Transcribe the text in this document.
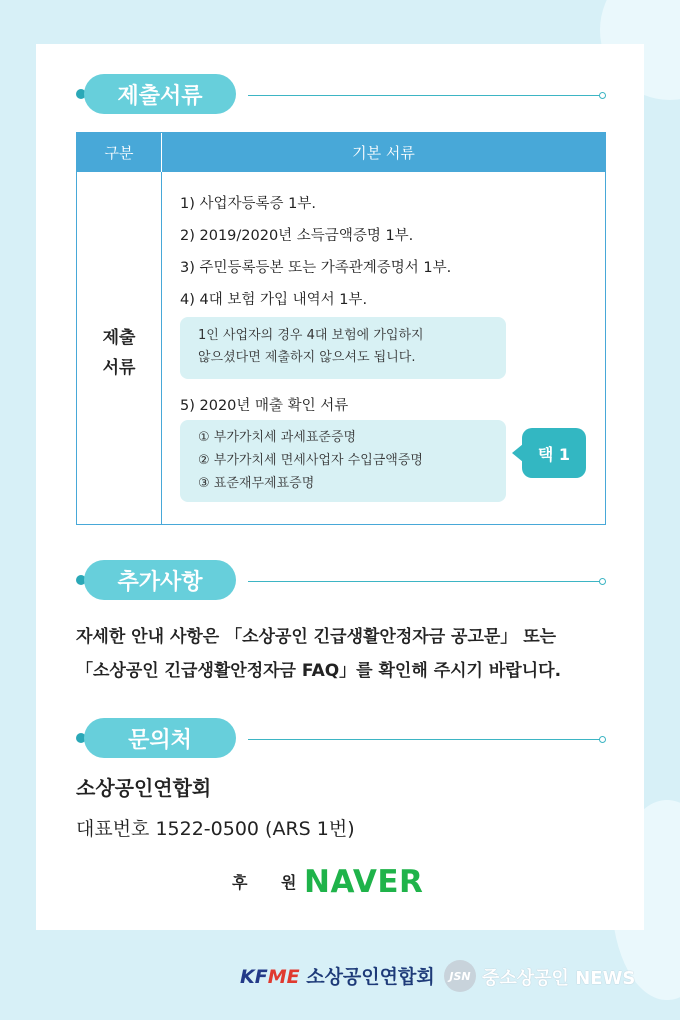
제출서류
구분	기본 서류
제출
서류
1) 사업자등록증 1부.
2) 2019/2020년 소득금액증명 1부.
3) 주민등록등본 또는 가족관계증명서 1부.
4) 4대 보험 가입 내역서 1부.
1인 사업자의 경우 4대 보험에 가입하지
않으셨다면 제출하지 않으셔도 됩니다.
5) 2020년 매출 확인 서류
① 부가가치세 과세표준증명
② 부가가치세 면세사업자 수입금액증명
③ 표준재무제표증명
택 1
추가사항
자세한 안내 사항은 「소상공인 긴급생활안정자금 공고문」 또는
「소상공인 긴급생활안정자금 FAQ」를 확인해 주시기 바랍니다.
문의처
소상공인연합회
대표번호 1522-0500 (ARS 1번)
후 원
NAVER
KFME 소상공인연합회	JSN 중소상공인 NEWS
